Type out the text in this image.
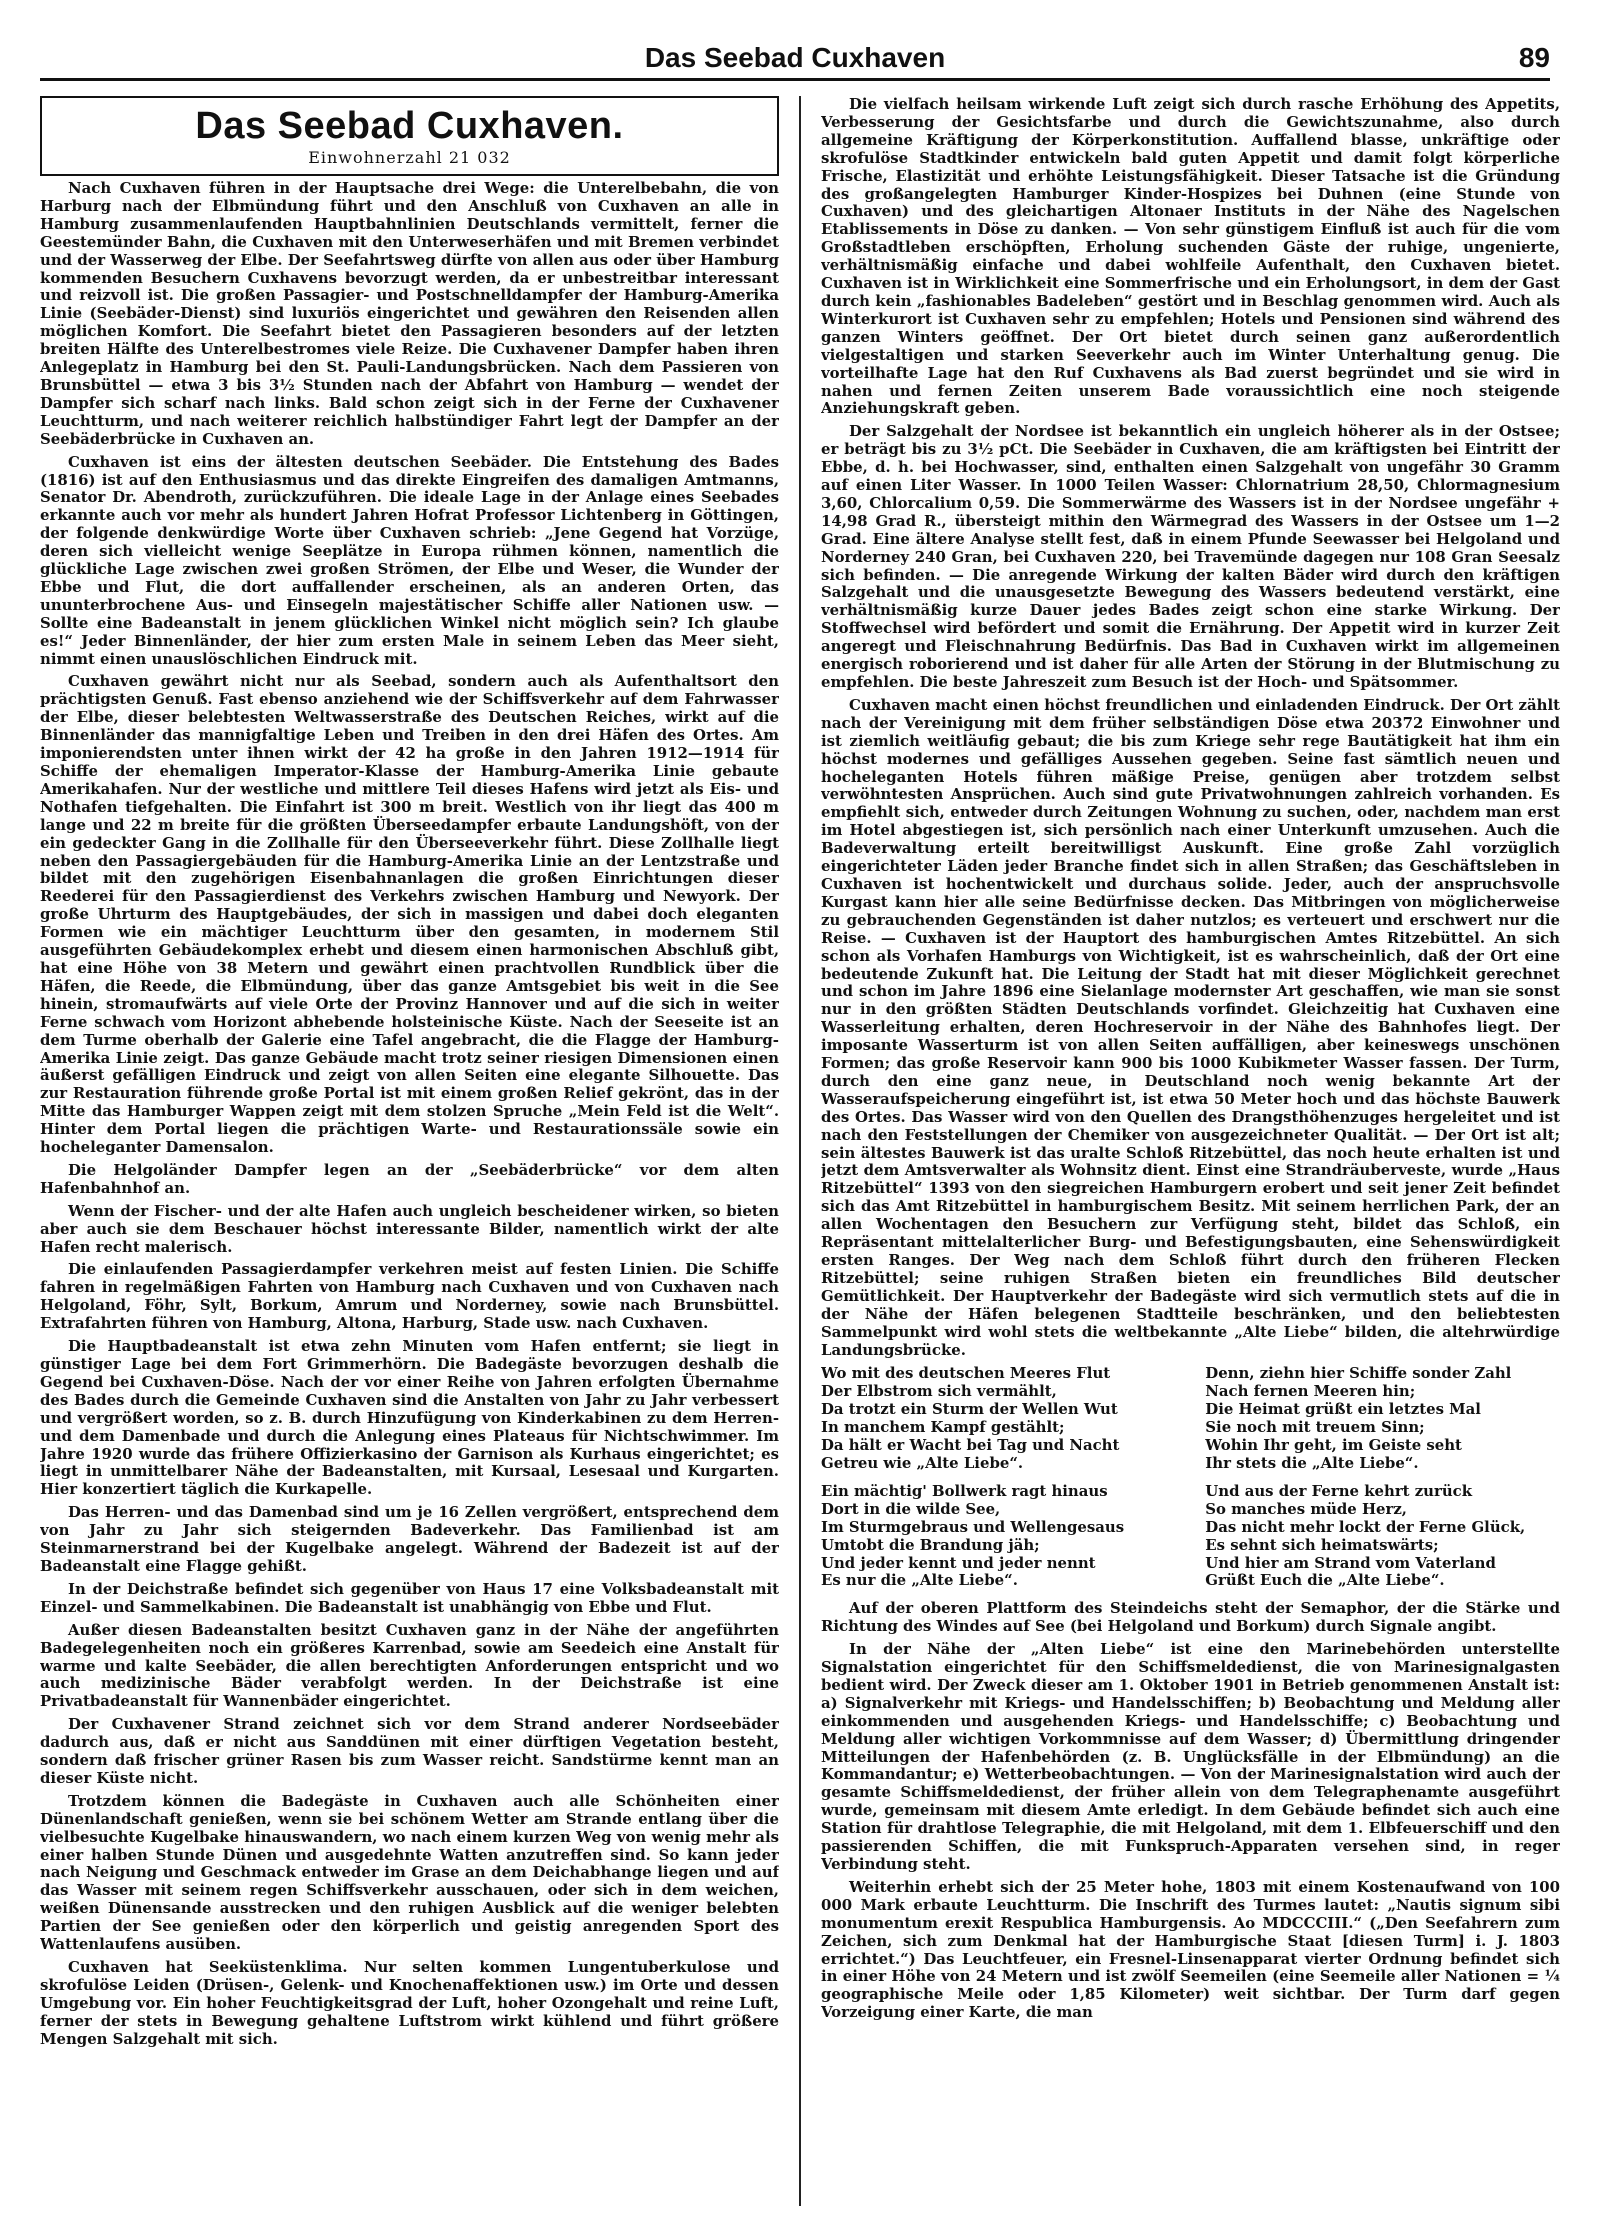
Das Seebad Cuxhaven	89
Das Seebad Cuxhaven.
Einwohnerzahl 21 032

Nach Cuxhaven führen in der Hauptsache drei Wege: die Unterelbebahn, die von Harburg nach der Elbmündung führt und den Anschluß von Cuxhaven an alle in Hamburg zusammenlaufenden Hauptbahnlinien Deutschlands vermittelt, ferner die Geestemünder Bahn, die Cuxhaven mit den Unterweserhäfen und mit Bremen verbindet und der Wasserweg der Elbe. Der Seefahrtsweg dürfte von allen aus oder über Hamburg kommenden Besuchern Cuxhavens bevorzugt werden, da er unbestreitbar interessant und reizvoll ist. Die großen Passagier- und Postschnelldampfer der Hamburg-Amerika Linie (Seebäder-Dienst) sind luxuriös eingerichtet und gewähren den Reisenden allen möglichen Komfort. Die Seefahrt bietet den Passagieren besonders auf der letzten breiten Hälfte des Unterelbestromes viele Reize. Die Cuxhavener Dampfer haben ihren Anlegeplatz in Hamburg bei den St. Pauli-Landungsbrücken. Nach dem Passieren von Brunsbüttel — etwa 3 bis 3½ Stunden nach der Abfahrt von Hamburg — wendet der Dampfer sich scharf nach links. Bald schon zeigt sich in der Ferne der Cuxhavener Leuchtturm, und nach weiterer reichlich halbstündiger Fahrt legt der Dampfer an der Seebäderbrücke in Cuxhaven an.

Cuxhaven ist eins der ältesten deutschen Seebäder. Die Entstehung des Bades (1816) ist auf den Enthusiasmus und das direkte Eingreifen des damaligen Amtmanns, Senator Dr. Abendroth, zurückzuführen. Die ideale Lage in der Anlage eines Seebades erkannte auch vor mehr als hundert Jahren Hofrat Professor Lichtenberg in Göttingen, der folgende denkwürdige Worte über Cuxhaven schrieb: „Jene Gegend hat Vorzüge, deren sich vielleicht wenige Seeplätze in Europa rühmen können, namentlich die glückliche Lage zwischen zwei großen Strömen, der Elbe und Weser, die Wunder der Ebbe und Flut, die dort auffallender erscheinen, als an anderen Orten, das ununterbrochene Aus- und Einsegeln majestätischer Schiffe aller Nationen usw. — Sollte eine Badeanstalt in jenem glücklichen Winkel nicht möglich sein? Ich glaube es!“ Jeder Binnenländer, der hier zum ersten Male in seinem Leben das Meer sieht, nimmt einen unauslöschlichen Eindruck mit.

Cuxhaven gewährt nicht nur als Seebad, sondern auch als Aufenthaltsort den prächtigsten Genuß. Fast ebenso anziehend wie der Schiffsverkehr auf dem Fahrwasser der Elbe, dieser belebtesten Weltwasserstraße des Deutschen Reiches, wirkt auf die Binnenländer das mannigfaltige Leben und Treiben in den drei Häfen des Ortes. Am imponierendsten unter ihnen wirkt der 42 ha große in den Jahren 1912—1914 für Schiffe der ehemaligen Imperator-Klasse der Hamburg-Amerika Linie gebaute Amerikahafen. Nur der westliche und mittlere Teil dieses Hafens wird jetzt als Eis- und Nothafen tiefgehalten. Die Einfahrt ist 300 m breit. Westlich von ihr liegt das 400 m lange und 22 m breite für die größten Überseedampfer erbaute Landungshöft, von der ein gedeckter Gang in die Zollhalle für den Überseeverkehr führt. Diese Zollhalle liegt neben den Passagiergebäuden für die Hamburg-Amerika Linie an der Lentzstraße und bildet mit den zugehörigen Eisenbahnanlagen die großen Einrichtungen dieser Reederei für den Passagierdienst des Verkehrs zwischen Hamburg und Newyork. Der große Uhrturm des Hauptgebäudes, der sich in massigen und dabei doch eleganten Formen wie ein mächtiger Leuchtturm über den gesamten, in modernem Stil ausgeführten Gebäudekomplex erhebt und diesem einen harmonischen Abschluß gibt, hat eine Höhe von 38 Metern und gewährt einen prachtvollen Rundblick über die Häfen, die Reede, die Elbmündung, über das ganze Amtsgebiet bis weit in die See hinein, stromaufwärts auf viele Orte der Provinz Hannover und auf die sich in weiter Ferne schwach vom Horizont abhebende holsteinische Küste. Nach der Seeseite ist an dem Turme oberhalb der Galerie eine Tafel angebracht, die die Flagge der Hamburg-Amerika Linie zeigt. Das ganze Gebäude macht trotz seiner riesigen Dimensionen einen äußerst gefälligen Eindruck und zeigt von allen Seiten eine elegante Silhouette. Das zur Restauration führende große Portal ist mit einem großen Relief gekrönt, das in der Mitte das Hamburger Wappen zeigt mit dem stolzen Spruche „Mein Feld ist die Welt“. Hinter dem Portal liegen die prächtigen Warte- und Restaurationssäle sowie ein hocheleganter Damensalon.

Die Helgoländer Dampfer legen an der „Seebäderbrücke“ vor dem alten Hafenbahnhof an.

Wenn der Fischer- und der alte Hafen auch ungleich bescheidener wirken, so bieten aber auch sie dem Beschauer höchst interessante Bilder, namentlich wirkt der alte Hafen recht malerisch.

Die einlaufenden Passagierdampfer verkehren meist auf festen Linien. Die Schiffe fahren in regelmäßigen Fahrten von Hamburg nach Cuxhaven und von Cuxhaven nach Helgoland, Föhr, Sylt, Borkum, Amrum und Norderney, sowie nach Brunsbüttel. Extrafahrten führen von Hamburg, Altona, Harburg, Stade usw. nach Cuxhaven.

Die Hauptbadeanstalt ist etwa zehn Minuten vom Hafen entfernt; sie liegt in günstiger Lage bei dem Fort Grimmerhörn. Die Badegäste bevorzugen deshalb die Gegend bei Cuxhaven-Döse. Nach der vor einer Reihe von Jahren erfolgten Übernahme des Bades durch die Gemeinde Cuxhaven sind die Anstalten von Jahr zu Jahr verbessert und vergrößert worden, so z. B. durch Hinzufügung von Kinderkabinen zu dem Herren- und dem Damenbade und durch die Anlegung eines Plateaus für Nichtschwimmer. Im Jahre 1920 wurde das frühere Offizierkasino der Garnison als Kurhaus eingerichtet; es liegt in unmittelbarer Nähe der Badeanstalten, mit Kursaal, Lesesaal und Kurgarten. Hier konzertiert täglich die Kurkapelle.

Das Herren- und das Damenbad sind um je 16 Zellen vergrößert, entsprechend dem von Jahr zu Jahr sich steigernden Badeverkehr. Das Familienbad ist am Steinmarnerstrand bei der Kugelbake angelegt. Während der Badezeit ist auf der Badeanstalt eine Flagge gehißt.

In der Deichstraße befindet sich gegenüber von Haus 17 eine Volksbadeanstalt mit Einzel- und Sammelkabinen. Die Badeanstalt ist unabhängig von Ebbe und Flut.

Außer diesen Badeanstalten besitzt Cuxhaven ganz in der Nähe der angeführten Badegelegenheiten noch ein größeres Karrenbad, sowie am Seedeich eine Anstalt für warme und kalte Seebäder, die allen berechtigten Anforderungen entspricht und wo auch medizinische Bäder verabfolgt werden. In der Deichstraße ist eine Privatbadeanstalt für Wannenbäder eingerichtet.

Der Cuxhavener Strand zeichnet sich vor dem Strand anderer Nordseebäder dadurch aus, daß er nicht aus Sanddünen mit einer dürftigen Vegetation besteht, sondern daß frischer grüner Rasen bis zum Wasser reicht. Sandstürme kennt man an dieser Küste nicht.

Trotzdem können die Badegäste in Cuxhaven auch alle Schönheiten einer Dünenlandschaft genießen, wenn sie bei schönem Wetter am Strande entlang über die vielbesuchte Kugelbake hinauswandern, wo nach einem kurzen Weg von wenig mehr als einer halben Stunde Dünen und ausgedehnte Watten anzutreffen sind. So kann jeder nach Neigung und Geschmack entweder im Grase an dem Deichabhange liegen und auf das Wasser mit seinem regen Schiffsverkehr ausschauen, oder sich in dem weichen, weißen Dünensande ausstrecken und den ruhigen Ausblick auf die weniger belebten Partien der See genießen oder den körperlich und geistig anregenden Sport des Wattenlaufens ausüben.

Cuxhaven hat Seeküstenklima. Nur selten kommen Lungentuberkulose und skrofulöse Leiden (Drüsen-, Gelenk- und Knochenaffektionen usw.) im Orte und dessen Umgebung vor. Ein hoher Feuchtigkeitsgrad der Luft, hoher Ozongehalt und reine Luft, ferner der stets in Bewegung gehaltene Luftstrom wirkt kühlend und führt größere Mengen Salzgehalt mit sich.

Die vielfach heilsam wirkende Luft zeigt sich durch rasche Erhöhung des Appetits, Verbesserung der Gesichtsfarbe und durch die Gewichtszunahme, also durch allgemeine Kräftigung der Körperkonstitution. Auffallend blasse, unkräftige oder skrofulöse Stadtkinder entwickeln bald guten Appetit und damit folgt körperliche Frische, Elastizität und erhöhte Leistungsfähigkeit. Dieser Tatsache ist die Gründung des großangelegten Hamburger Kinder-Hospizes bei Duhnen (eine Stunde von Cuxhaven) und des gleichartigen Altonaer Instituts in der Nähe des Nagelschen Etablissements in Döse zu danken. — Von sehr günstigem Einfluß ist auch für die vom Großstadtleben erschöpften, Erholung suchenden Gäste der ruhige, ungenierte, verhältnismäßig einfache und dabei wohlfeile Aufenthalt, den Cuxhaven bietet. Cuxhaven ist in Wirklichkeit eine Sommerfrische und ein Erholungsort, in dem der Gast durch kein „fashionables Badeleben“ gestört und in Beschlag genommen wird. Auch als Winterkurort ist Cuxhaven sehr zu empfehlen; Hotels und Pensionen sind während des ganzen Winters geöffnet. Der Ort bietet durch seinen ganz außerordentlich vielgestaltigen und starken Seeverkehr auch im Winter Unterhaltung genug. Die vorteilhafte Lage hat den Ruf Cuxhavens als Bad zuerst begründet und sie wird in nahen und fernen Zeiten unserem Bade voraussichtlich eine noch steigende Anziehungskraft geben.

Der Salzgehalt der Nordsee ist bekanntlich ein ungleich höherer als in der Ostsee; er beträgt bis zu 3½ pCt. Die Seebäder in Cuxhaven, die am kräftigsten bei Eintritt der Ebbe, d. h. bei Hochwasser, sind, enthalten einen Salzgehalt von ungefähr 30 Gramm auf einen Liter Wasser. In 1000 Teilen Wasser: Chlornatrium 28,50, Chlormagnesium 3,60, Chlorcalium 0,59. Die Sommerwärme des Wassers ist in der Nordsee ungefähr + 14,98 Grad R., übersteigt mithin den Wärmegrad des Wassers in der Ostsee um 1—2 Grad. Eine ältere Analyse stellt fest, daß in einem Pfunde Seewasser bei Helgoland und Norderney 240 Gran, bei Cuxhaven 220, bei Travemünde dagegen nur 108 Gran Seesalz sich befinden. — Die anregende Wirkung der kalten Bäder wird durch den kräftigen Salzgehalt und die unausgesetzte Bewegung des Wassers bedeutend verstärkt, eine verhältnismäßig kurze Dauer jedes Bades zeigt schon eine starke Wirkung. Der Stoffwechsel wird befördert und somit die Ernährung. Der Appetit wird in kurzer Zeit angeregt und Fleischnahrung Bedürfnis. Das Bad in Cuxhaven wirkt im allgemeinen energisch roborierend und ist daher für alle Arten der Störung in der Blutmischung zu empfehlen. Die beste Jahreszeit zum Besuch ist der Hoch- und Spätsommer.

Cuxhaven macht einen höchst freundlichen und einladenden Eindruck. Der Ort zählt nach der Vereinigung mit dem früher selbständigen Döse etwa 20372 Einwohner und ist ziemlich weitläufig gebaut; die bis zum Kriege sehr rege Bautätigkeit hat ihm ein höchst modernes und gefälliges Aussehen gegeben. Seine fast sämtlich neuen und hocheleganten Hotels führen mäßige Preise, genügen aber trotzdem selbst verwöhntesten Ansprüchen. Auch sind gute Privatwohnungen zahlreich vorhanden. Es empfiehlt sich, entweder durch Zeitungen Wohnung zu suchen, oder, nachdem man erst im Hotel abgestiegen ist, sich persönlich nach einer Unterkunft umzusehen. Auch die Badeverwaltung erteilt bereitwilligst Auskunft. Eine große Zahl vorzüglich eingerichteter Läden jeder Branche findet sich in allen Straßen; das Geschäftsleben in Cuxhaven ist hochentwickelt und durchaus solide. Jeder, auch der anspruchsvolle Kurgast kann hier alle seine Bedürfnisse decken. Das Mitbringen von möglicherweise zu gebrauchenden Gegenständen ist daher nutzlos; es verteuert und erschwert nur die Reise. — Cuxhaven ist der Hauptort des hamburgischen Amtes Ritzebüttel. An sich schon als Vorhafen Hamburgs von Wichtigkeit, ist es wahrscheinlich, daß der Ort eine bedeutende Zukunft hat. Die Leitung der Stadt hat mit dieser Möglichkeit gerechnet und schon im Jahre 1896 eine Sielanlage modernster Art geschaffen, wie man sie sonst nur in den größten Städten Deutschlands vorfindet. Gleichzeitig hat Cuxhaven eine Wasserleitung erhalten, deren Hochreservoir in der Nähe des Bahnhofes liegt. Der imposante Wasserturm ist von allen Seiten auffälligen, aber keineswegs unschönen Formen; das große Reservoir kann 900 bis 1000 Kubikmeter Wasser fassen. Der Turm, durch den eine ganz neue, in Deutschland noch wenig bekannte Art der Wasseraufspeicherung eingeführt ist, ist etwa 50 Meter hoch und das höchste Bauwerk des Ortes. Das Wasser wird von den Quellen des Drangsthöhenzuges hergeleitet und ist nach den Feststellungen der Chemiker von ausgezeichneter Qualität. — Der Ort ist alt; sein ältestes Bauwerk ist das uralte Schloß Ritzebüttel, das noch heute erhalten ist und jetzt dem Amtsverwalter als Wohnsitz dient. Einst eine Strandräuberveste, wurde „Haus Ritzebüttel“ 1393 von den siegreichen Hamburgern erobert und seit jener Zeit befindet sich das Amt Ritzebüttel in hamburgischem Besitz. Mit seinem herrlichen Park, der an allen Wochentagen den Besuchern zur Verfügung steht, bildet das Schloß, ein Repräsentant mittelalterlicher Burg- und Befestigungsbauten, eine Sehenswürdigkeit ersten Ranges. Der Weg nach dem Schloß führt durch den früheren Flecken Ritzebüttel; seine ruhigen Straßen bieten ein freundliches Bild deutscher Gemütlichkeit. Der Hauptverkehr der Badegäste wird sich vermutlich stets auf die in der Nähe der Häfen belegenen Stadtteile beschränken, und den beliebtesten Sammelpunkt wird wohl stets die weltbekannte „Alte Liebe“ bilden, die altehrwürdige Landungsbrücke.

Wo mit des deutschen Meeres Flut
Der Elbstrom sich vermählt,
Da trotzt ein Sturm der Wellen Wut
In manchem Kampf gestählt;
Da hält er Wacht bei Tag und Nacht
Getreu wie „Alte Liebe“.
Denn, ziehn hier Schiffe sonder Zahl
Nach fernen Meeren hin;
Die Heimat grüßt ein letztes Mal
Sie noch mit treuem Sinn;
Wohin Ihr geht, im Geiste seht
Ihr stets die „Alte Liebe“.
Ein mächtig' Bollwerk ragt hinaus
Dort in die wilde See,
Im Sturmgebraus und Wellengesaus
Umtobt die Brandung jäh;
Und jeder kennt und jeder nennt
Es nur die „Alte Liebe“.
Und aus der Ferne kehrt zurück
So manches müde Herz,
Das nicht mehr lockt der Ferne Glück,
Es sehnt sich heimatswärts;
Und hier am Strand vom Vaterland
Grüßt Euch die „Alte Liebe“.

Auf der oberen Plattform des Steindeichs steht der Semaphor, der die Stärke und Richtung des Windes auf See (bei Helgoland und Borkum) durch Signale angibt.

In der Nähe der „Alten Liebe“ ist eine den Marinebehörden unterstellte Signalstation eingerichtet für den Schiffsmeldedienst, die von Marinesignalgasten bedient wird. Der Zweck dieser am 1. Oktober 1901 in Betrieb genommenen Anstalt ist: a) Signalverkehr mit Kriegs- und Handelsschiffen; b) Beobachtung und Meldung aller einkommenden und ausgehenden Kriegs- und Handelsschiffe; c) Beobachtung und Meldung aller wichtigen Vorkommnisse auf dem Wasser; d) Übermittlung dringender Mitteilungen der Hafenbehörden (z. B. Unglücksfälle in der Elbmündung) an die Kommandantur; e) Wetterbeobachtungen. — Von der Marinesignalstation wird auch der gesamte Schiffsmeldedienst, der früher allein von dem Telegraphenamte ausgeführt wurde, gemeinsam mit diesem Amte erledigt. In dem Gebäude befindet sich auch eine Station für drahtlose Telegraphie, die mit Helgoland, mit dem 1. Elbfeuerschiff und den passierenden Schiffen, die mit Funkspruch-Apparaten versehen sind, in reger Verbindung steht.

Weiterhin erhebt sich der 25 Meter hohe, 1803 mit einem Kostenaufwand von 100 000 Mark erbaute Leuchtturm. Die Inschrift des Turmes lautet: „Nautis signum sibi monumentum erexit Respublica Hamburgensis. Ao MDCCCIII.“ („Den Seefahrern zum Zeichen, sich zum Denkmal hat der Hamburgische Staat [diesen Turm] i. J. 1803 errichtet.“) Das Leuchtfeuer, ein Fresnel-Linsenapparat vierter Ordnung befindet sich in einer Höhe von 24 Metern und ist zwölf Seemeilen (eine Seemeile aller Nationen = ¼ geographische Meile oder 1,85 Kilometer) weit sichtbar. Der Turm darf gegen Vorzeigung einer Karte, die man
